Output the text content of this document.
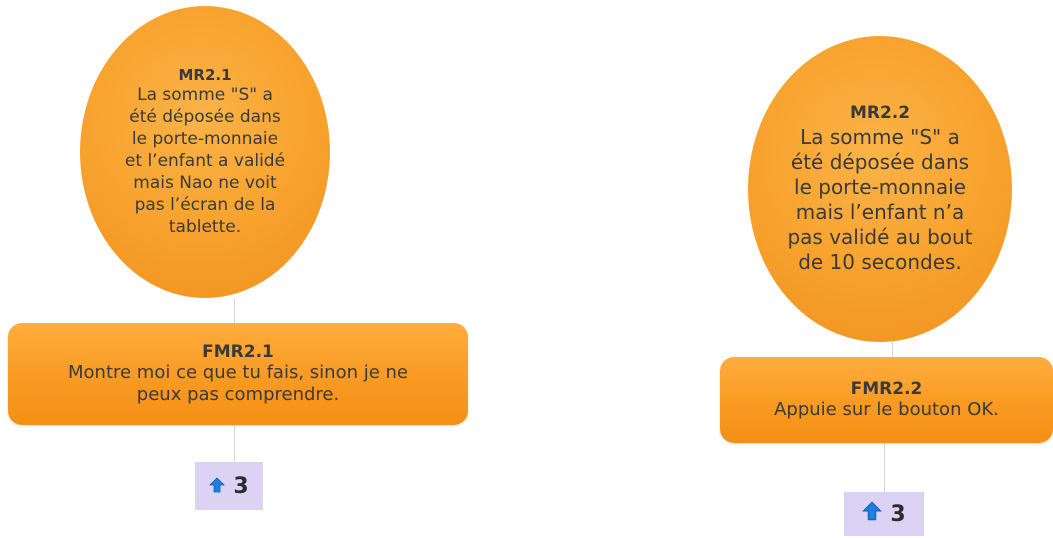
MR2.1
La somme "S" a
été déposée dans
le porte-monnaie
et l’enfant a validé
mais Nao ne voit
pas l’écran de la
tablette.
FMR2.1
Montre moi ce que tu fais, sinon je ne
peux pas comprendre.
3
MR2.2
La somme "S" a
été déposée dans
le porte-monnaie
mais l’enfant n’a
pas validé au bout
de 10 secondes.
FMR2.2
Appuie sur le bouton OK.
3
